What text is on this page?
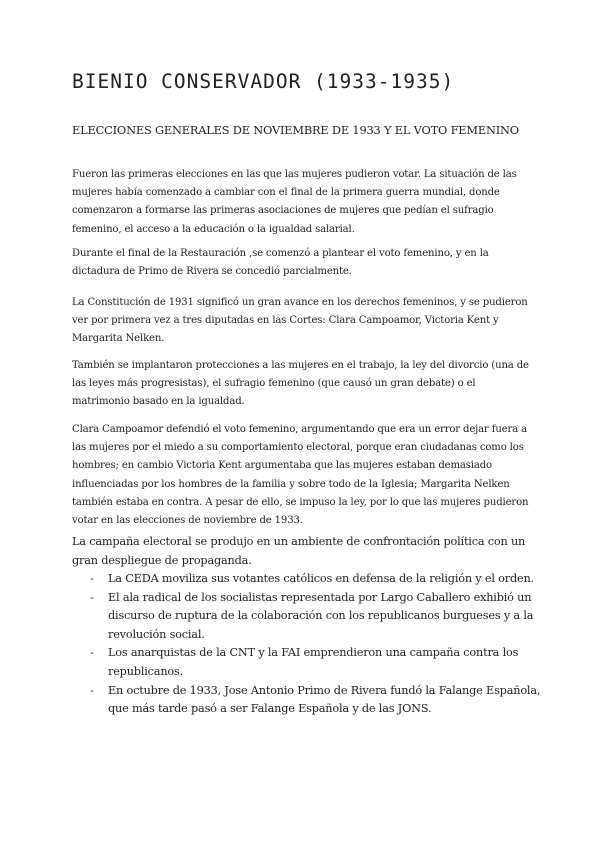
BIENIO CONSERVADOR (1933-1935)
ELECCIONES GENERALES DE NOVIEMBRE DE 1933 Y EL VOTO FEMENINO

Fueron las primeras elecciones en las que las mujeres pudieron votar. La situación de las mujeres había comenzado a cambiar con el final de la primera guerra mundial, donde comenzaron a formarse las primeras asociaciones de mujeres que pedían el sufragio femenino, el acceso a la educación o la igualdad salarial.

Durante el final de la Restauración ,se comenzó a plantear el voto femenino, y en la dictadura de Primo de Rivera se concedió parcialmente.

La Constitución de 1931 significó un gran avance en los derechos femeninos, y se pudieron ver por primera vez a tres diputadas en las Cortes: Clara Campoamor, Victoria Kent y Margarita Nelken.

También se implantaron protecciones a las mujeres en el trabajo, la ley del divorcio (una de las leyes más progresistas), el sufragio femenino (que causó un gran debate) o el matrimonio basado en la igualdad.

Clara Campoamor defendió el voto femenino, argumentando que era un error dejar fuera a las mujeres por el miedo a su comportamiento electoral, porque eran ciudadanas como los hombres; en cambio Victoria Kent argumentaba que las mujeres estaban demasiado influenciadas por los hombres de la familia y sobre todo de la Iglesia; Margarita Nelken también estaba en contra. A pesar de ello, se impuso la ley, por lo que las mujeres pudieron votar en las elecciones de noviembre de 1933.

La campaña electoral se produjo en un ambiente de confrontación política con un gran despliegue de propaganda.

- La CEDA moviliza sus votantes católicos en defensa de la religión y el orden.
- El ala radical de los socialistas representada por Largo Caballero exhibió un discurso de ruptura de la colaboración con los republicanos burgueses y a la revolución social.
- Los anarquistas de la CNT y la FAI emprendieron una campaña contra los republicanos.
- En octubre de 1933, Jose Antonio Primo de Rivera fundó la Falange Española, que más tarde pasó a ser Falange Española y de las JONS.
